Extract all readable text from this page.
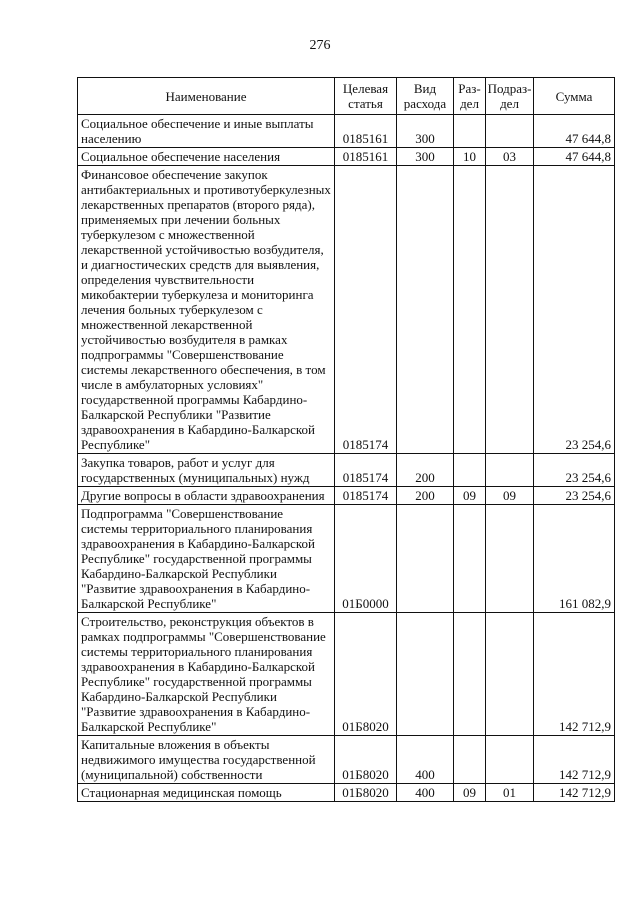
276
Наименование	Целевая статья	Вид расхода	Раз-дел	Подраз-дел	Сумма
Социальное обеспечение и иные выплаты населению	0185161	300			47 644,8
Социальное обеспечение населения	0185161	300	10	03	47 644,8
Финансовое обеспечение закупок антибактериальных и противотуберкулезных лекарственных препаратов (второго ряда), применяемых при лечении больных туберкулезом с множественной лекарственной устойчивостью возбудителя, и диагностических средств для выявления, определения чувствительности микобактерии туберкулеза и мониторинга лечения больных туберкулезом с множественной лекарственной устойчивостью возбудителя в рамках подпрограммы "Совершенствование системы лекарственного обеспечения, в том числе в амбулаторных условиях" государственной программы Кабардино-Балкарской Республики "Развитие здравоохранения в Кабардино-Балкарской Республике"	0185174				23 254,6
Закупка товаров, работ и услуг для государственных (муниципальных) нужд	0185174	200			23 254,6
Другие вопросы в области здравоохранения	0185174	200	09	09	23 254,6
Подпрограмма "Совершенствование системы территориального планирования здравоохранения в Кабардино-Балкарской Республике" государственной программы Кабардино-Балкарской Республики "Развитие здравоохранения в Кабардино-Балкарской Республике"	01Б0000				161 082,9
Строительство, реконструкция объектов в рамках подпрограммы "Совершенствование системы территориального планирования здравоохранения в Кабардино-Балкарской Республике" государственной программы Кабардино-Балкарской Республики "Развитие здравоохранения в Кабардино-Балкарской Республике"	01Б8020				142 712,9
Капитальные вложения в объекты недвижимого имущества государственной (муниципальной) собственности	01Б8020	400			142 712,9
Стационарная медицинская помощь	01Б8020	400	09	01	142 712,9
